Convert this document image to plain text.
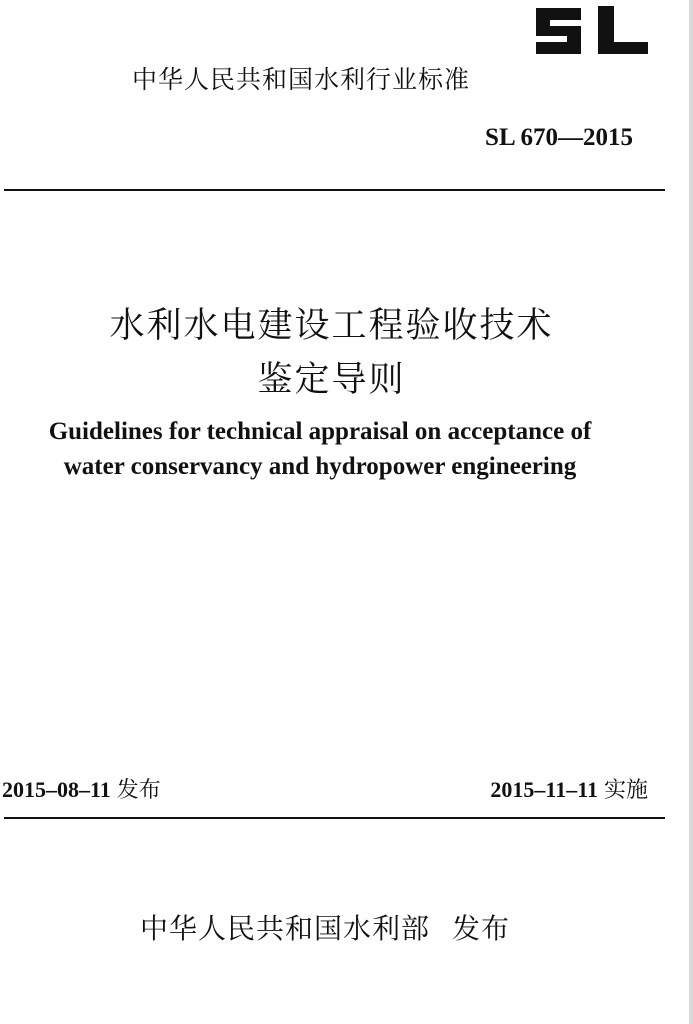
中华人民共和国水利行业标准
SL 670—2015
水利水电建设工程验收技术
鉴定导则
Guidelines for technical appraisal on acceptance of
water conservancy and hydropower engineering
2015–08–11 发布	2015–11–11 实施
中华人民共和国水利部 发布
